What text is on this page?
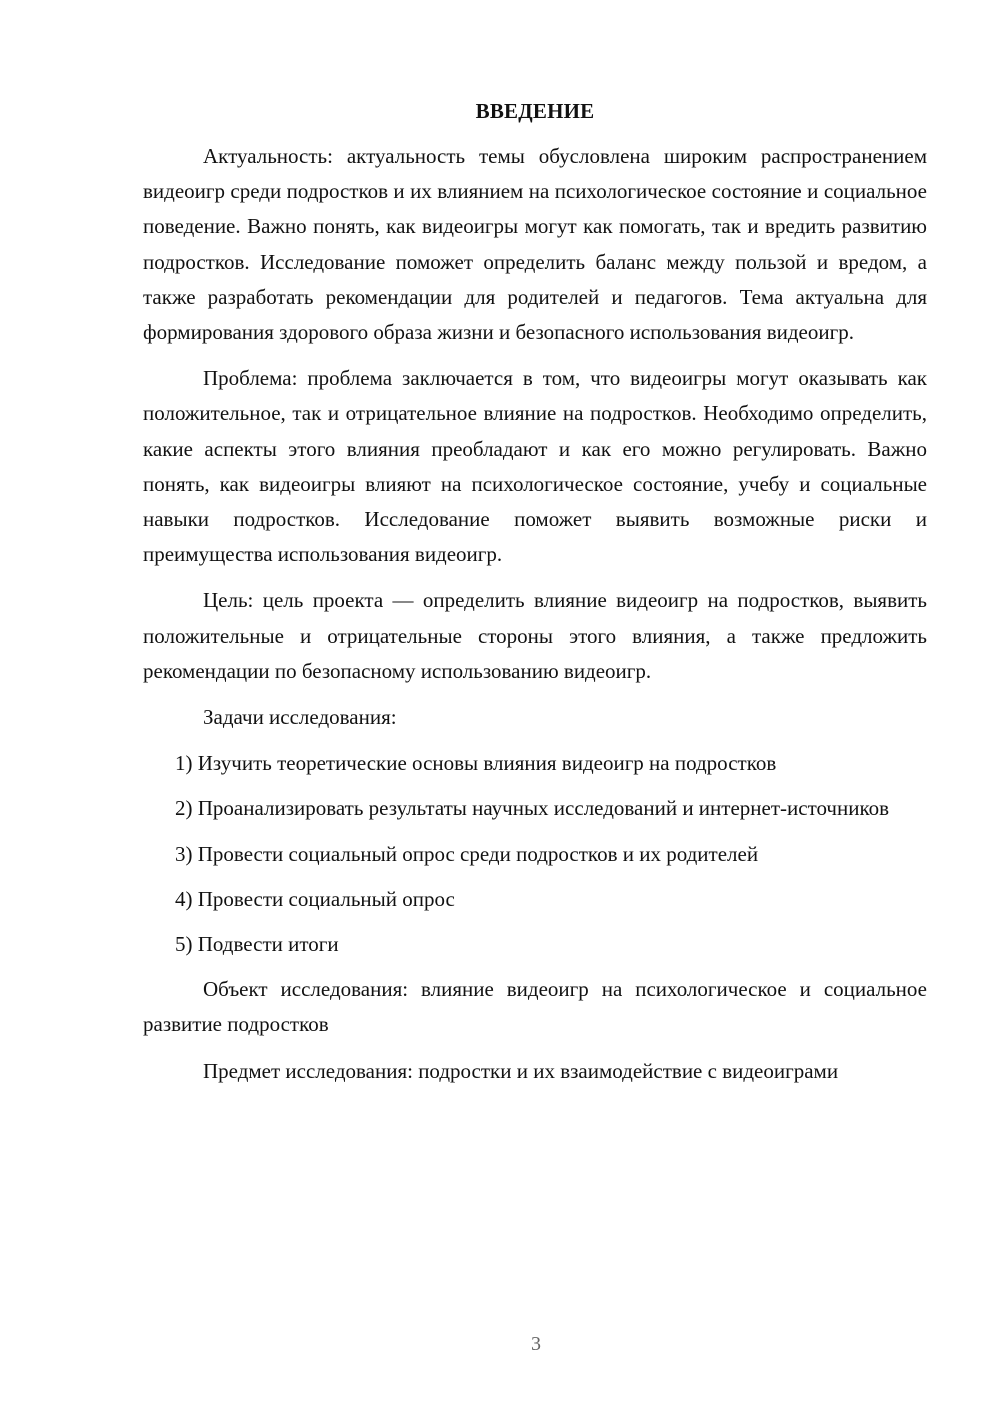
ВВЕДЕНИЕ

Актуальность: актуальность темы обусловлена широким распространением видеоигр среди подростков и их влиянием на психологическое состояние и социальное поведение. Важно понять, как видеоигры могут как помогать, так и вредить развитию подростков. Исследование поможет определить баланс между пользой и вредом, а также разработать рекомендации для родителей и педагогов. Тема актуальна для формирования здорового образа жизни и безопасного использования видеоигр.

Проблема: проблема заключается в том, что видеоигры могут оказывать как положительное, так и отрицательное влияние на подростков. Необходимо определить, какие аспекты этого влияния преобладают и как его можно регулировать. Важно понять, как видеоигры влияют на психологическое состояние, учебу и социальные навыки подростков. Исследование поможет выявить возможные риски и преимущества использования видеоигр.

Цель: цель проекта — определить влияние видеоигр на подростков, выявить положительные и отрицательные стороны этого влияния, а также предложить рекомендации по безопасному использованию видеоигр.

Задачи исследования:

1) Изучить теоретические основы влияния видеоигр на подростков

2) Проанализировать результаты научных исследований и интернет-источников

3) Провести социальный опрос среди подростков и их родителей

4) Провести социальный опрос

5) Подвести итоги

Объект исследования: влияние видеоигр на психологическое и социальное развитие подростков

Предмет исследования: подростки и их взаимодействие с видеоиграми

3
